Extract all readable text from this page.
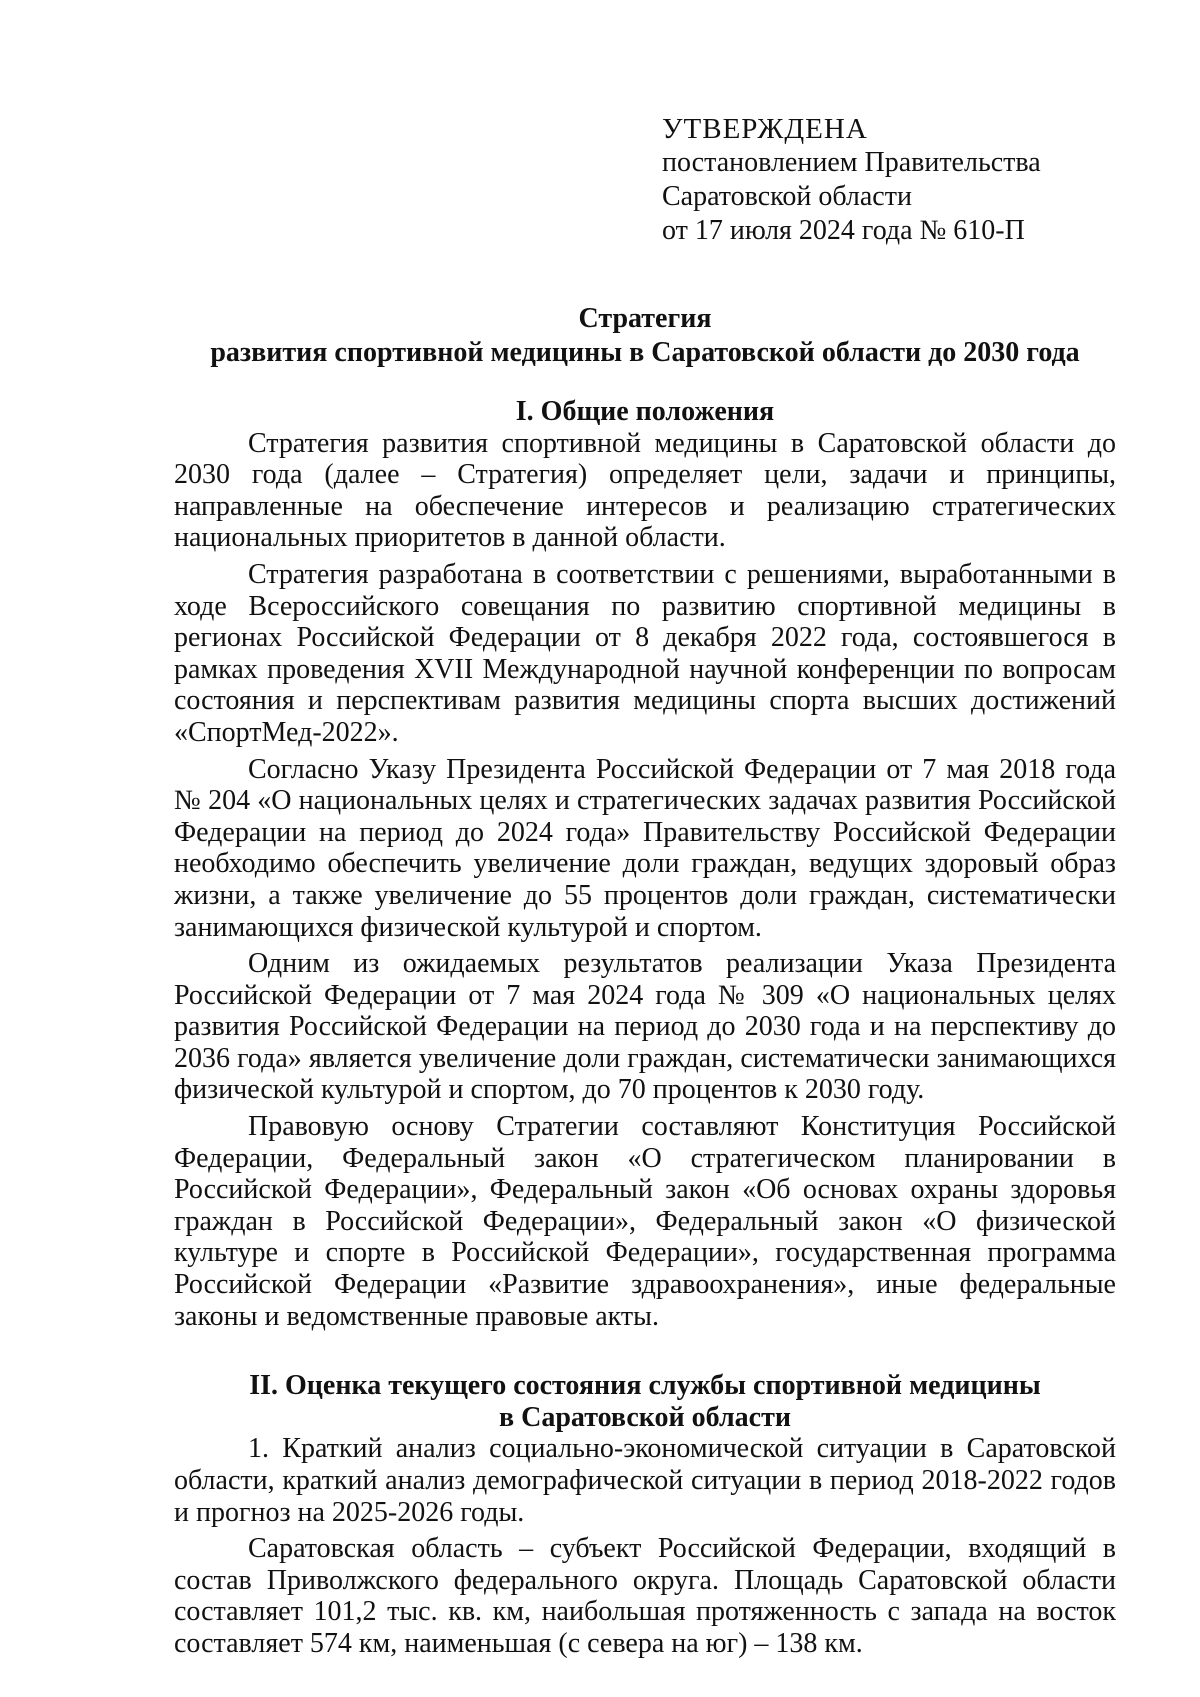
УТВЕРЖДЕНА
постановлением Правительства
Саратовской области
от 17 июля 2024 года № 610-П
Стратегия
развития спортивной медицины в Саратовской области до 2030 года
I. Общие положения

Стратегия развития спортивной медицины в Саратовской области до 2030 года (далее – Стратегия) определяет цели, задачи и принципы, направленные на обеспечение интересов и реализацию стратегических национальных приоритетов в данной области.

Стратегия разработана в соответствии с решениями, выработанными в ходе Всероссийского совещания по развитию спортивной медицины в регионах Российской Федерации от 8 декабря 2022 года, состоявшегося в рамках проведения XVII Международной научной конференции по вопросам состояния и перспективам развития медицины спорта высших достижений «СпортМед-2022».

Согласно Указу Президента Российской Федерации от 7 мая 2018 года № 204 «О национальных целях и стратегических задачах развития Российской Федерации на период до 2024 года» Правительству Российской Федерации необходимо обеспечить увеличение доли граждан, ведущих здоровый образ жизни, а также увеличение до 55 процентов доли граждан, систематически занимающихся физической культурой и спортом.

Одним из ожидаемых результатов реализации Указа Президента Российской Федерации от 7 мая 2024 года № 309 «О национальных целях развития Российской Федерации на период до 2030 года и на перспективу до 2036 года» является увеличение доли граждан, систематически занимающихся физической культурой и спортом, до 70 процентов к 2030 году.

Правовую основу Стратегии составляют Конституция Российской Федерации, Федеральный закон «О стратегическом планировании в Российской Федерации», Федеральный закон «Об основах охраны здоровья граждан в Российской Федерации», Федеральный закон «О физической культуре и спорте в Российской Федерации», государственная программа Российской Федерации «Развитие здравоохранения», иные федеральные законы и ведомственные правовые акты.

II. Оценка текущего состояния службы спортивной медицины
в Саратовской области

1. Краткий анализ социально-экономической ситуации в Саратовской области, краткий анализ демографической ситуации в период 2018-2022 годов и прогноз на 2025-2026 годы.

Саратовская область – субъект Российской Федерации, входящий в состав Приволжского федерального округа. Площадь Саратовской области составляет 101,2 тыс. кв. км, наибольшая протяженность с запада на восток составляет 574 км, наименьшая (с севера на юг) – 138 км.
